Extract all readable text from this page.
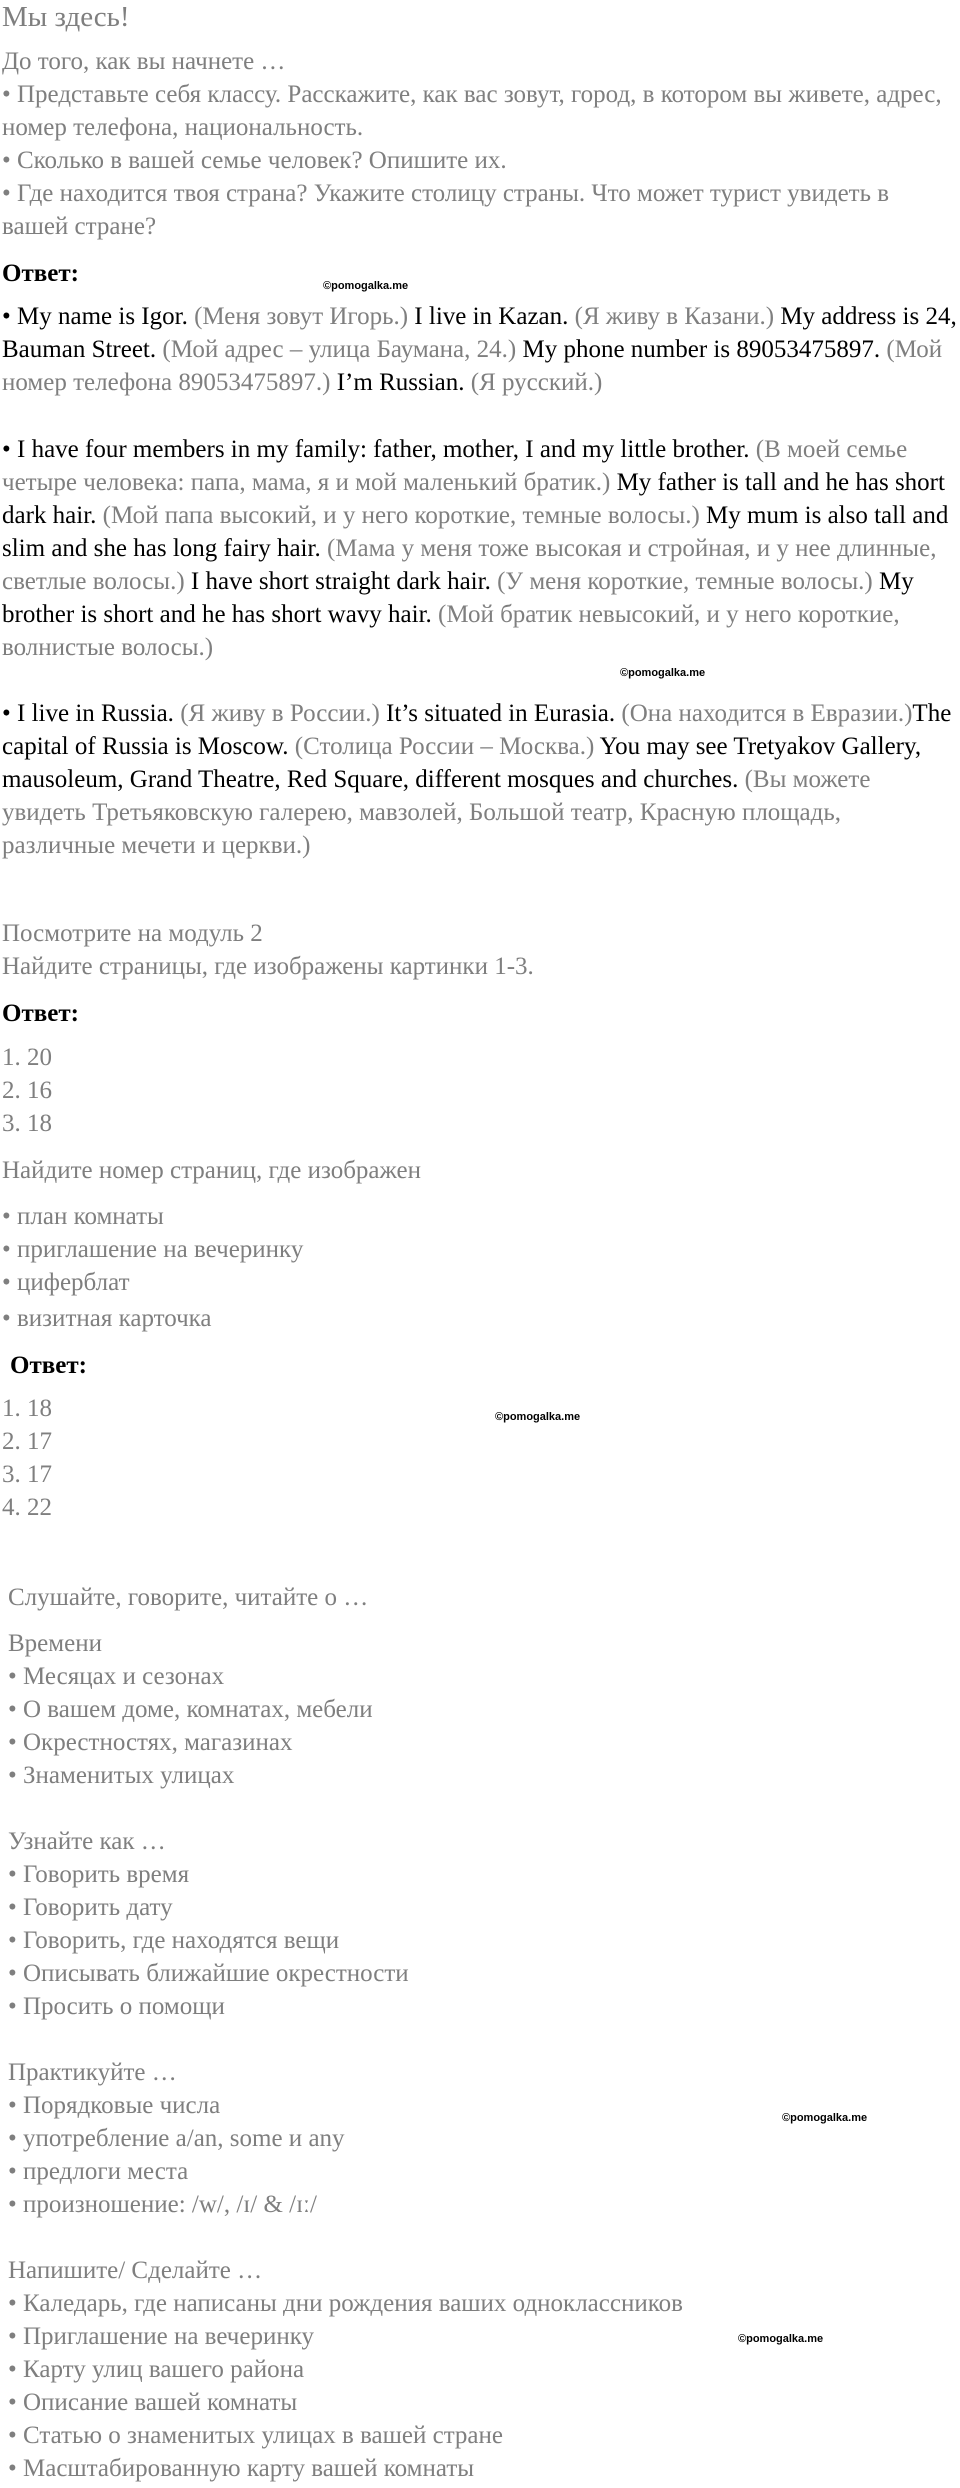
Мы здесь!
До того, как вы начнете …
• Представьте себя классу. Расскажите, как вас зовут, город, в котором вы живете, адрес, номер телефона, национальность.
• Сколько в вашей семье человек? Опишите их.
• Где находится твоя страна? Укажите столицу страны. Что может турист увидеть в вашей стране?
Ответ:	©pomogalka.me
• My name is Igor. (Меня зовут Игорь.) I live in Kazan. (Я живу в Казани.) My address is 24, Bauman Street. (Мой адрес – улица Баумана, 24.) My phone number is 89053475897. (Мой номер телефона 89053475897.) I’m Russian. (Я русский.)
• I have four members in my family: father, mother, I and my little brother. (В моей семье четыре человека: папа, мама, я и мой маленький братик.) My father is tall and he has short dark hair. (Мой папа высокий, и у него короткие, темные волосы.) My mum is also tall and slim and she has long fairy hair. (Мама у меня тоже высокая и стройная, и у нее длинные, светлые волосы.) I have short straight dark hair. (У меня короткие, темные волосы.) My brother is short and he has short wavy hair. (Мой братик невысокий, и у него короткие, волнистые волосы.)
©pomogalka.me
• I live in Russia. (Я живу в России.) It’s situated in Eurasia. (Она находится в Евразии.)The capital of Russia is Moscow. (Столица России – Москва.) You may see Tretyakov Gallery, mausoleum, Grand Theatre, Red Square, different mosques and churches. (Вы можете увидеть Третьяковскую галерею, мавзолей, Большой театр, Красную площадь, различные мечети и церкви.)
Посмотрите на модуль 2
Найдите страницы, где изображены картинки 1-3.
Ответ:
1. 20
2. 16
3. 18
Найдите номер страниц, где изображен
• план комнаты
• приглашение на вечеринку
• циферблат
• визитная карточка
Ответ:
1. 18	©pomogalka.me
2. 17
3. 17
4. 22
Слушайте, говорите, читайте о …
Времени
• Месяцах и сезонах
• О вашем доме, комнатах, мебели
• Окрестностях, магазинах
• Знаменитых улицах
Узнайте как …
• Говорить время
• Говорить дату
• Говорить, где находятся вещи
• Описывать ближайшие окрестности
• Просить о помощи
Практикуйте …
• Порядковые числа	©pomogalka.me
• употребление a/an, some и any
• предлоги места
• произношение: /w/, /ɪ/ & /ɪː/
Напишите/ Сделайте …
• Каледарь, где написаны дни рождения ваших одноклассников
• Приглашение на вечеринку	©pomogalka.me
• Карту улиц вашего района
• Описание вашей комнаты
• Статью о знаменитых улицах в вашей стране
• Масштабированную карту вашей комнаты
